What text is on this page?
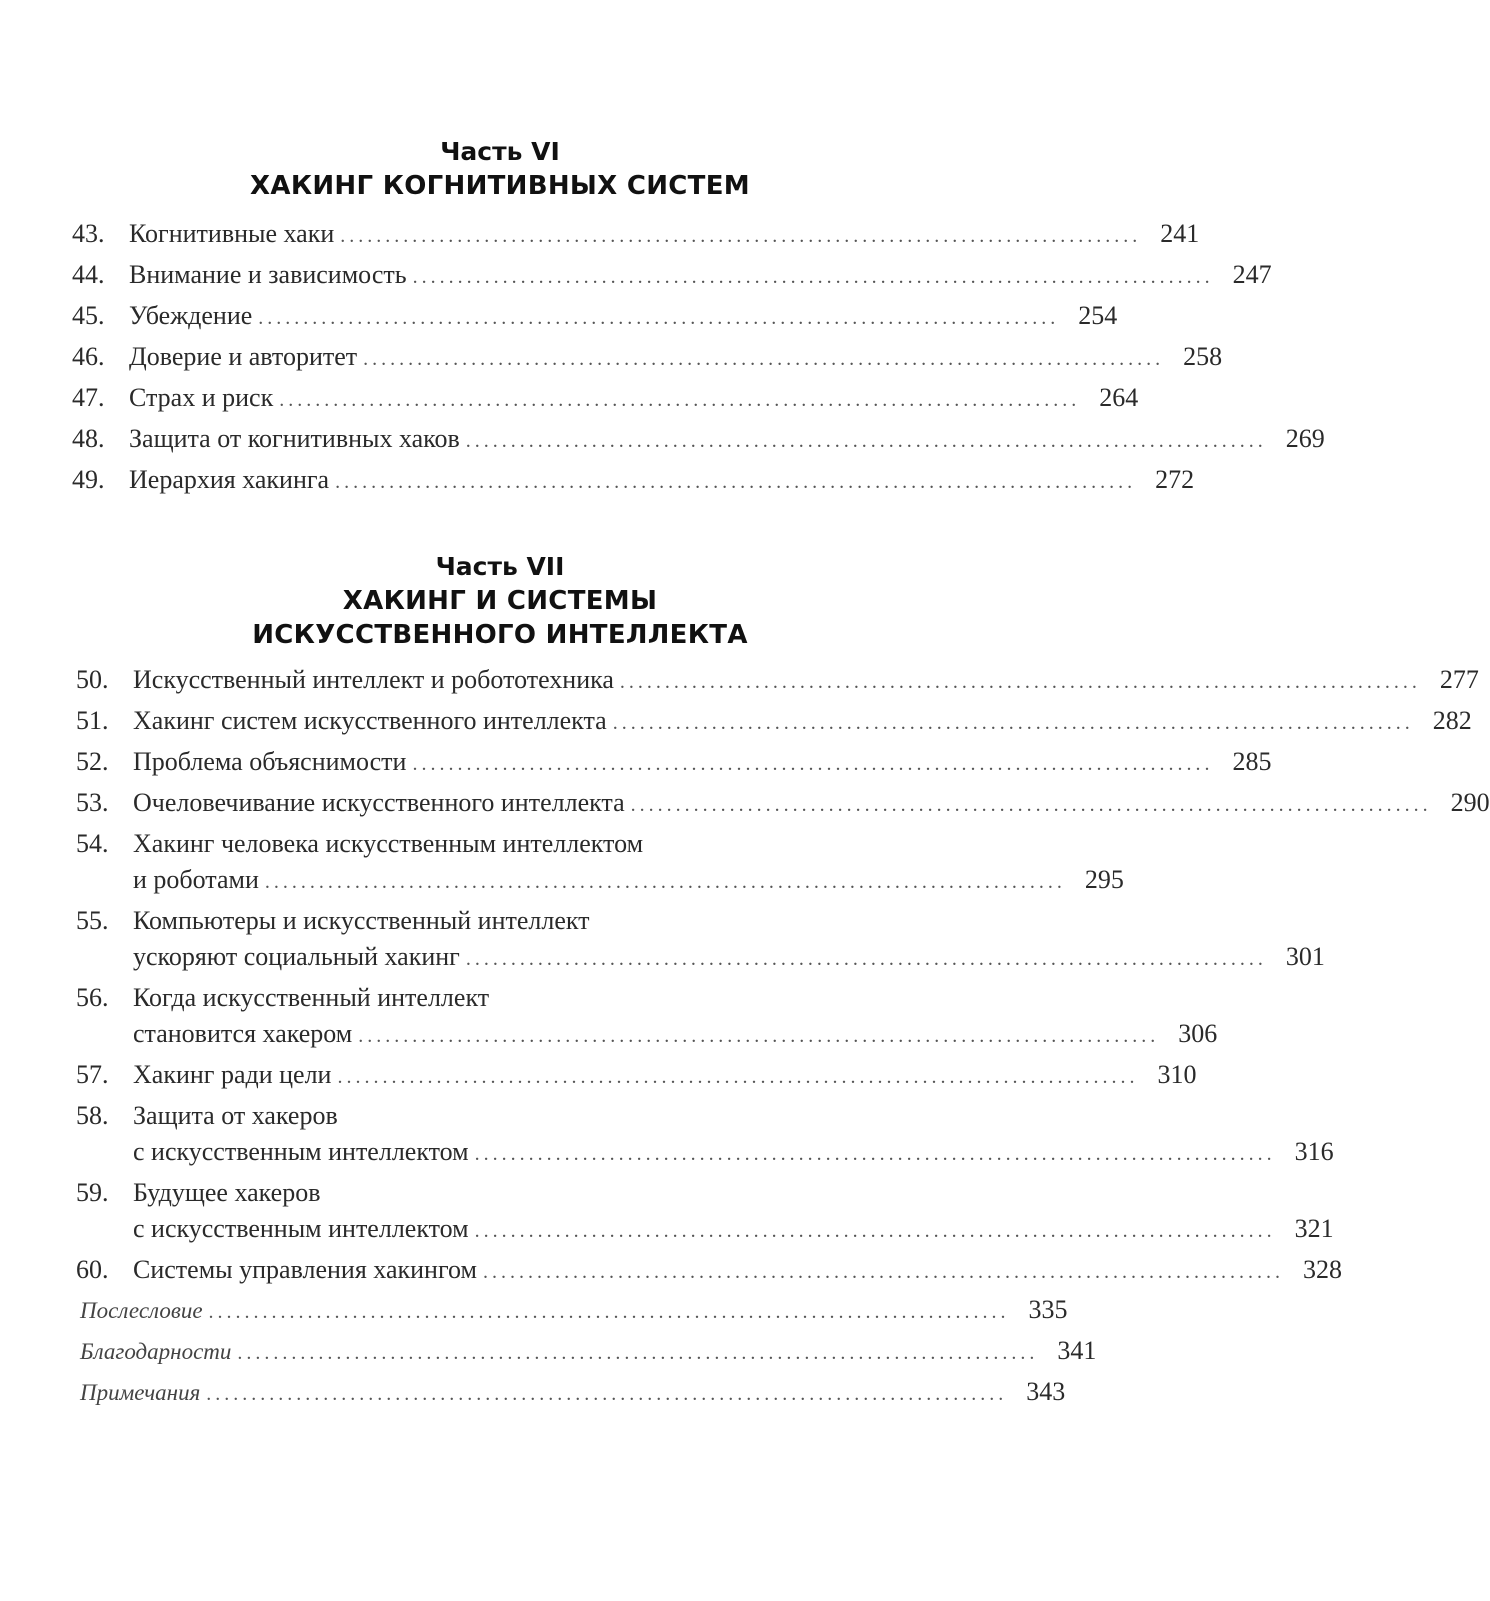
Часть VI
ХАКИНГ КОГНИТИВНЫХ СИСТЕМ
43. Когнитивные хаки ......................................................................................... 241
44. Внимание и зависимость ......................................................................................... 247
45. Убеждение ......................................................................................... 254
46. Доверие и авторитет ......................................................................................... 258
47. Страх и риск ......................................................................................... 264
48. Защита от когнитивных хаков ......................................................................................... 269
49. Иерархия хакинга ......................................................................................... 272
Часть VII
ХАКИНГ И СИСТЕМЫ
ИСКУССТВЕННОГО ИНТЕЛЛЕКТА
50. Искусственный интеллект и робототехника ......................................................................................... 277
51. Хакинг систем искусственного интеллекта ......................................................................................... 282
52. Проблема объяснимости ......................................................................................... 285
53. Очеловечивание искусственного интеллекта ......................................................................................... 290
54. Хакинг человека искусственным интеллектом
и роботами ......................................................................................... 295
55. Компьютеры и искусственный интеллект
ускоряют социальный хакинг ......................................................................................... 301
56. Когда искусственный интеллект
становится хакером ......................................................................................... 306
57. Хакинг ради цели ......................................................................................... 310
58. Защита от хакеров
с искусственным интеллектом ......................................................................................... 316
59. Будущее хакеров
с искусственным интеллектом ......................................................................................... 321
60. Системы управления хакингом ......................................................................................... 328
Послесловие ......................................................................................... 335
Благодарности ......................................................................................... 341
Примечания ......................................................................................... 343
